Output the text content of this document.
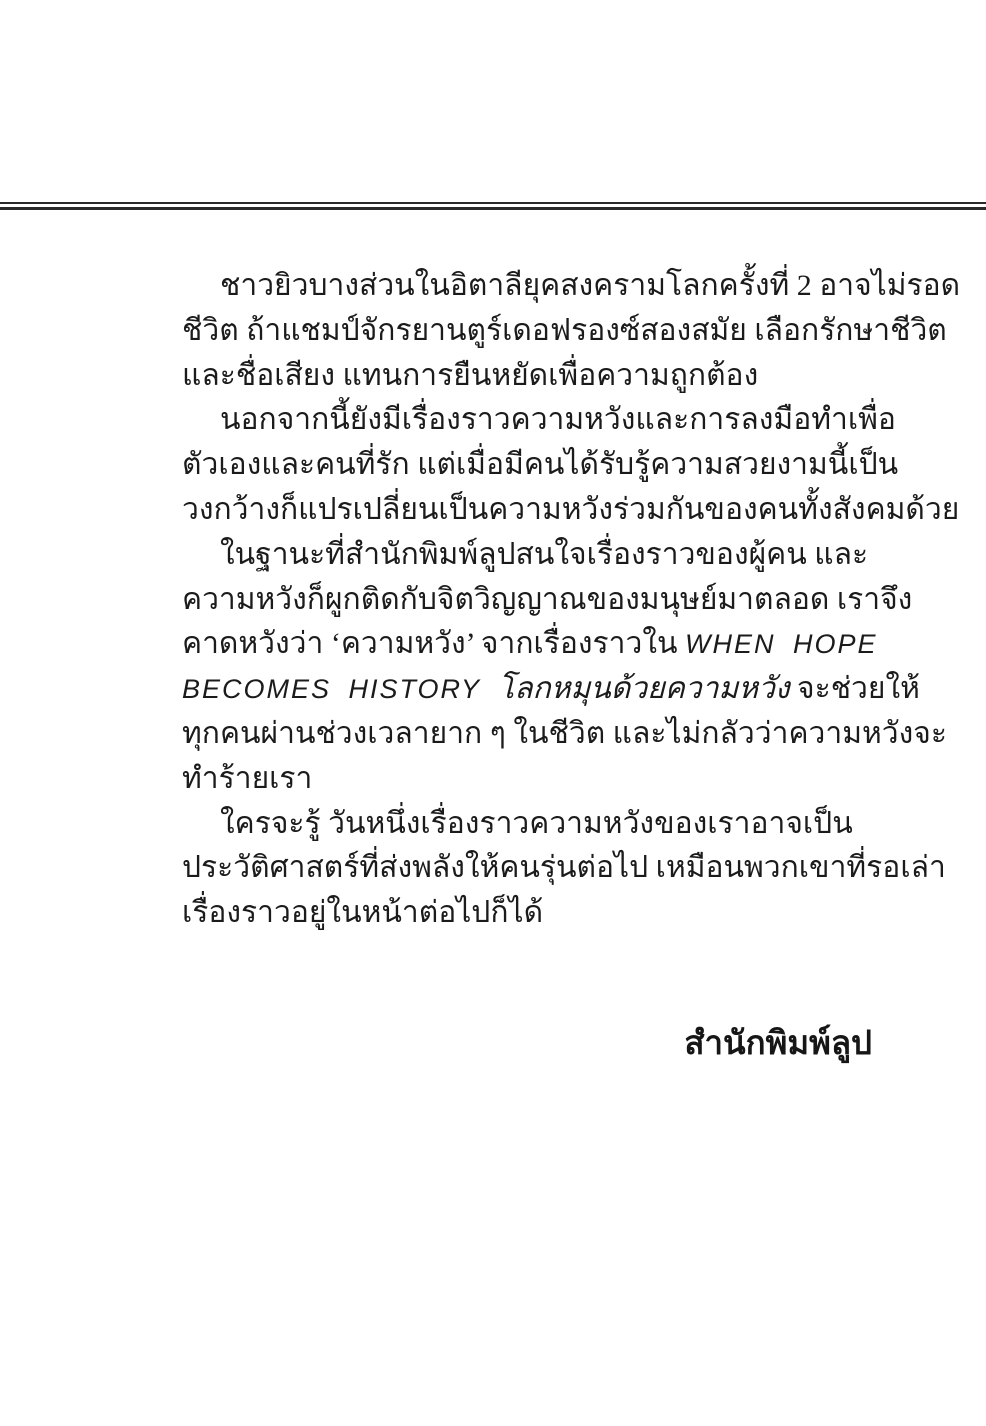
ชาวยิวบางส่วนในอิตาลียุคสงครามโลกครั้งที่ 2 อาจไม่รอด
ชีวิต ถ้าแชมป์จักรยานตูร์เดอฟรองซ์สองสมัย เลือกรักษาชีวิต
และชื่อเสียง แทนการยืนหยัดเพื่อความถูกต้อง
นอกจากนี้ยังมีเรื่องราวความหวังและการลงมือทำเพื่อ
ตัวเองและคนที่รัก แต่เมื่อมีคนได้รับรู้ความสวยงามนี้เป็น
วงกว้างก็แปรเปลี่ยนเป็นความหวังร่วมกันของคนทั้งสังคมด้วย
ในฐานะที่สำนักพิมพ์ลูปสนใจเรื่องราวของผู้คน และ
ความหวังก็ผูกติดกับจิตวิญญาณของมนุษย์มาตลอด เราจึง
คาดหวังว่า ‘ความหวัง’ จากเรื่องราวใน WHEN HOPE
BECOMES HISTORY โลกหมุนด้วยความหวัง จะช่วยให้
ทุกคนผ่านช่วงเวลายาก ๆ ในชีวิต และไม่กลัวว่าความหวังจะ
ทำร้ายเรา
ใครจะรู้ วันหนึ่งเรื่องราวความหวังของเราอาจเป็น
ประวัติศาสตร์ที่ส่งพลังให้คนรุ่นต่อไป เหมือนพวกเขาที่รอเล่า
เรื่องราวอยู่ในหน้าต่อไปก็ได้
สำนักพิมพ์ลูป
